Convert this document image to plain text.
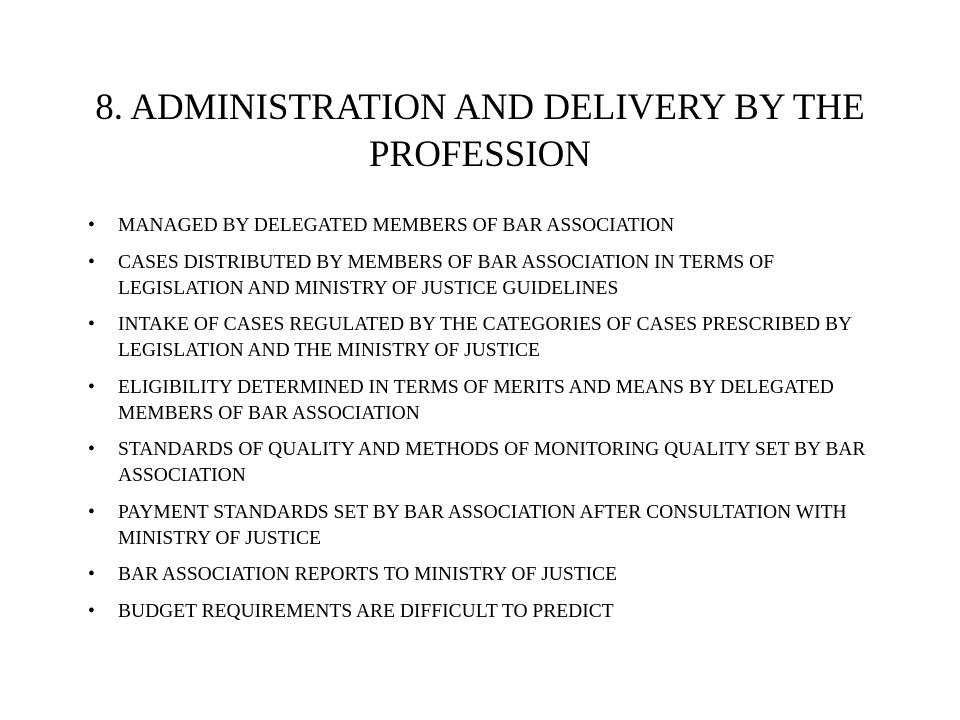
8. ADMINISTRATION AND DELIVERY BY THE PROFESSION
•	MANAGED BY DELEGATED MEMBERS OF BAR ASSOCIATION
•	CASES DISTRIBUTED BY MEMBERS OF BAR ASSOCIATION IN TERMS OF LEGISLATION AND MINISTRY OF JUSTICE GUIDELINES
•	INTAKE OF CASES REGULATED BY THE CATEGORIES OF CASES PRESCRIBED BY LEGISLATION AND THE MINISTRY OF JUSTICE
•	ELIGIBILITY DETERMINED IN TERMS OF MERITS AND MEANS BY DELEGATED MEMBERS OF BAR ASSOCIATION
•	STANDARDS OF QUALITY AND METHODS OF MONITORING QUALITY SET BY BAR ASSOCIATION
•	PAYMENT STANDARDS SET BY BAR ASSOCIATION AFTER CONSULTATION WITH MINISTRY OF JUSTICE
•	BAR ASSOCIATION REPORTS TO MINISTRY OF JUSTICE
•	BUDGET REQUIREMENTS ARE DIFFICULT TO PREDICT
